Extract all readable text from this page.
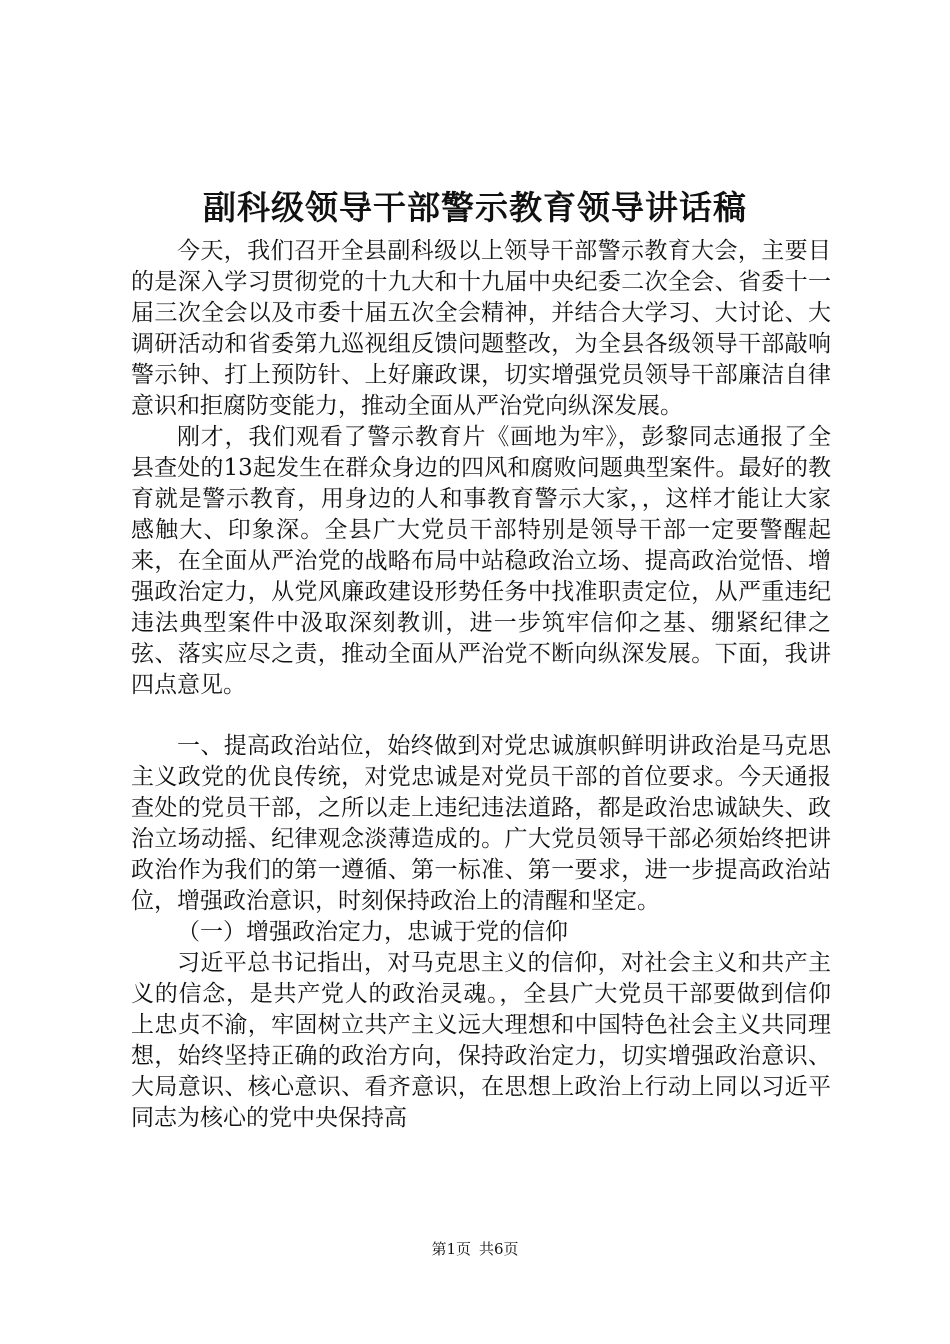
副科级领导干部警示教育领导讲话稿

今天，我们召开全县副科级以上领导干部警示教育大会，主要目的是深入学习贯彻党的十九大和十九届中央纪委二次全会、省委十一届三次全会以及市委十届五次全会精神，并结合大学习、大讨论、大调研活动和省委第九巡视组反馈问题整改，为全县各级领导干部敲响警示钟、打上预防针、上好廉政课，切实增强党员领导干部廉洁自律意识和拒腐防变能力，推动全面从严治党向纵深发展。

刚才，我们观看了警示教育片《画地为牢》，彭黎同志通报了全县查处的13起发生在群众身边的四风和腐败问题典型案件。最好的教育就是警示教育，用身边的人和事教育警示大家，，这样才能让大家感触大、印象深。全县广大党员干部特别是领导干部一定要警醒起来，在全面从严治党的战略布局中站稳政治立场、提高政治觉悟、增强政治定力，从党风廉政建设形势任务中找准职责定位，从严重违纪违法典型案件中汲取深刻教训，进一步筑牢信仰之基、绷紧纪律之弦、落实应尽之责，推动全面从严治党不断向纵深发展。下面，我讲四点意见。

一、提高政治站位，始终做到对党忠诚旗帜鲜明讲政治是马克思主义政党的优良传统，对党忠诚是对党员干部的首位要求。今天通报查处的党员干部，之所以走上违纪违法道路，都是政治忠诚缺失、政治立场动摇、纪律观念淡薄造成的。广大党员领导干部必须始终把讲政治作为我们的第一遵循、第一标准、第一要求，进一步提高政治站位，增强政治意识，时刻保持政治上的清醒和坚定。

（一）增强政治定力，忠诚于党的信仰

习近平总书记指出，对马克思主义的信仰，对社会主义和共产主义的信念，是共产党人的政治灵魂。，全县广大党员干部要做到信仰上忠贞不渝，牢固树立共产主义远大理想和中国特色社会主义共同理想，始终坚持正确的政治方向，保持政治定力，切实增强政治意识、大局意识、核心意识、看齐意识，在思想上政治上行动上同以习近平同志为核心的党中央保持高

第1页 共6页
